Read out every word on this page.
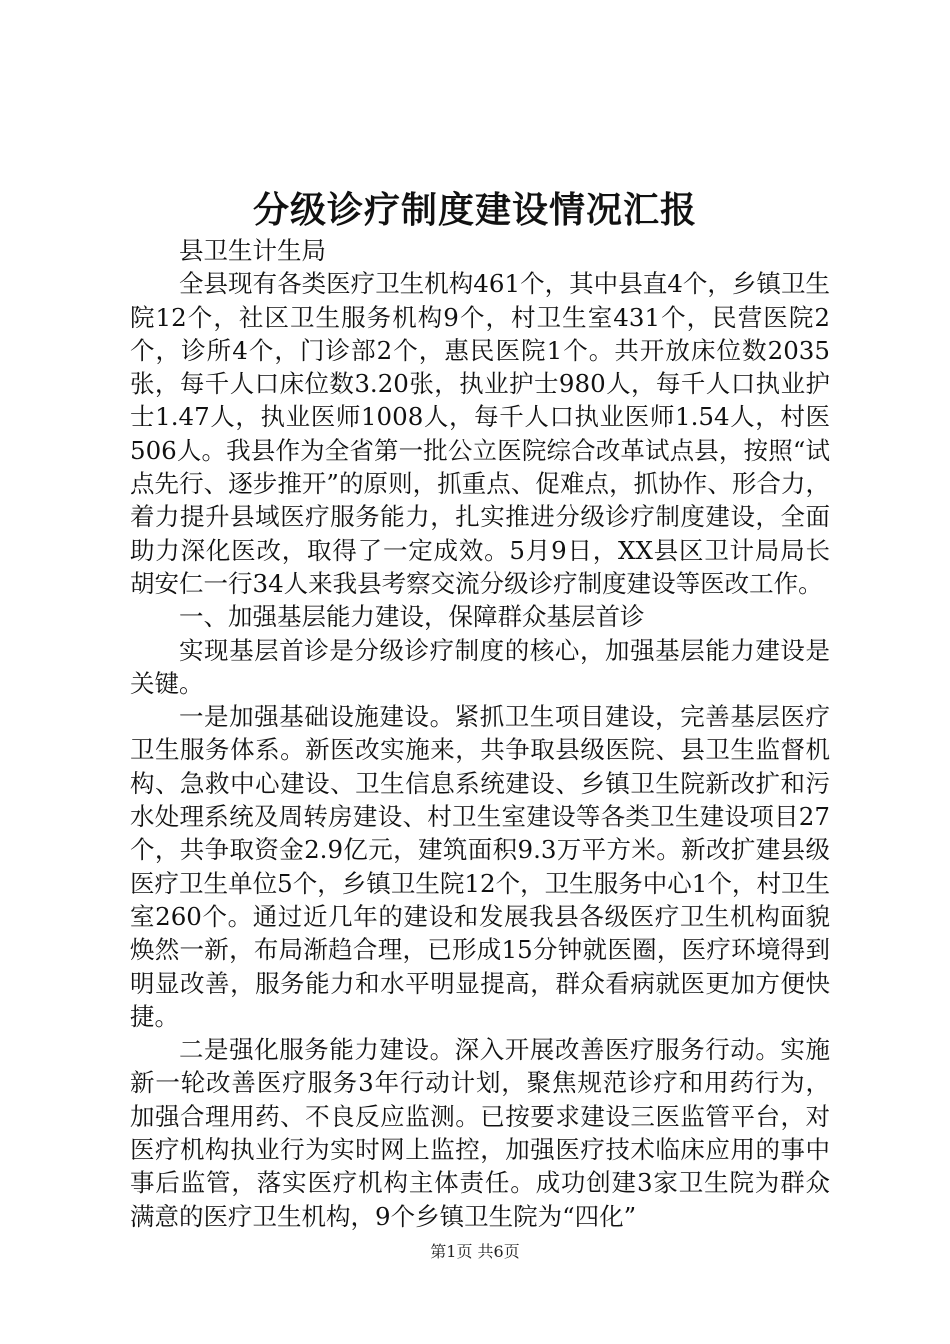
分级诊疗制度建设情况汇报

县卫生计生局

全县现有各类医疗卫生机构461个，其中县直4个，乡镇卫生院12个，社区卫生服务机构9个，村卫生室431个，民营医院2个，诊所4个，门诊部2个，惠民医院1个。共开放床位数2035张，每千人口床位数3.20张，执业护士980人，每千人口执业护士1.47人，执业医师1008人，每千人口执业医师1.54人，村医506人。我县作为全省第一批公立医院综合改革试点县，按照“试点先行、逐步推开”的原则，抓重点、促难点，抓协作、形合力，着力提升县域医疗服务能力，扎实推进分级诊疗制度建设，全面助力深化医改，取得了一定成效。5月9日，XX县区卫计局局长胡安仁一行34人来我县考察交流分级诊疗制度建设等医改工作。

一、加强基层能力建设，保障群众基层首诊

实现基层首诊是分级诊疗制度的核心，加强基层能力建设是关键。

一是加强基础设施建设。紧抓卫生项目建设，完善基层医疗卫生服务体系。新医改实施来，共争取县级医院、县卫生监督机构、急救中心建设、卫生信息系统建设、乡镇卫生院新改扩和污水处理系统及周转房建设、村卫生室建设等各类卫生建设项目27个，共争取资金2.9亿元，建筑面积9.3万平方米。新改扩建县级医疗卫生单位5个，乡镇卫生院12个，卫生服务中心1个，村卫生室260个。通过近几年的建设和发展我县各级医疗卫生机构面貌焕然一新，布局渐趋合理，已形成15分钟就医圈，医疗环境得到明显改善，服务能力和水平明显提高，群众看病就医更加方便快捷。

二是强化服务能力建设。深入开展改善医疗服务行动。实施新一轮改善医疗服务3年行动计划，聚焦规范诊疗和用药行为，加强合理用药、不良反应监测。已按要求建设三医监管平台，对医疗机构执业行为实时网上监控，加强医疗技术临床应用的事中事后监管，落实医疗机构主体责任。成功创建3家卫生院为群众满意的医疗卫生机构，9个乡镇卫生院为“四化”

第1页 共6页
